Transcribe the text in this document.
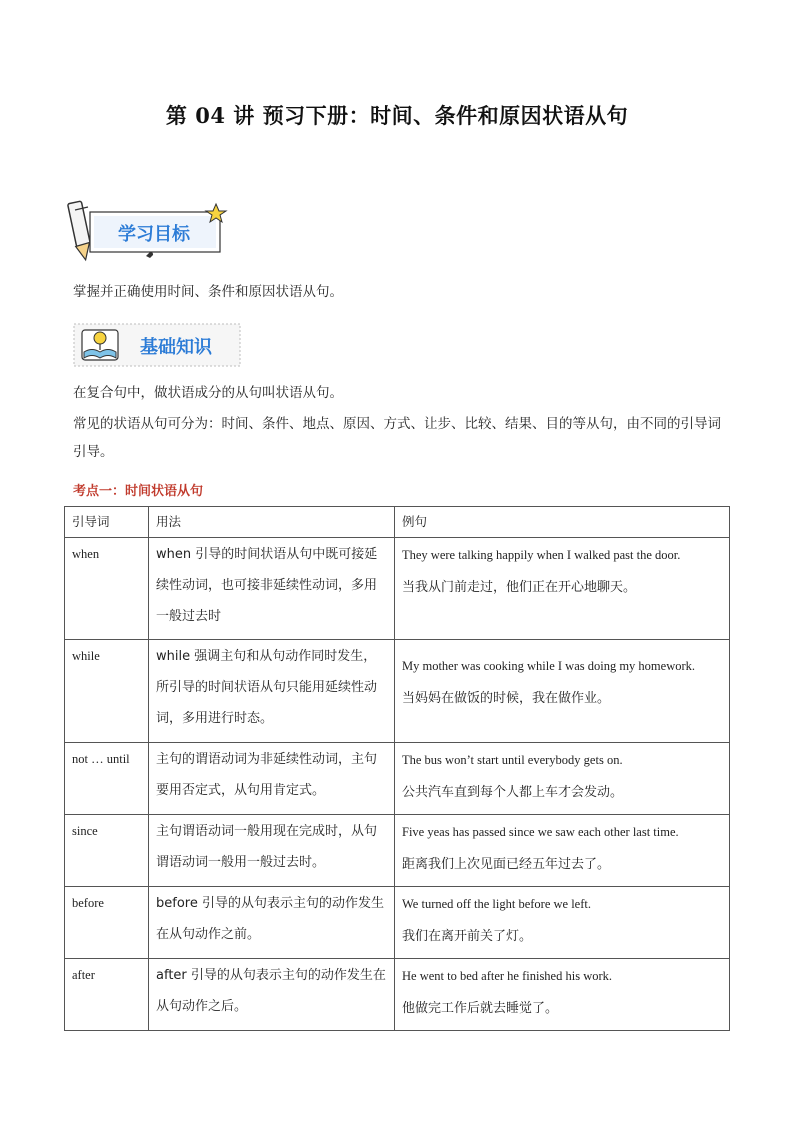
第 04 讲 预习下册：时间、条件和原因状语从句
学习目标
掌握并正确使用时间、条件和原因状语从句。
基础知识
在复合句中，做状语成分的从句叫状语从句。
常见的状语从句可分为：时间、条件、地点、原因、方式、让步、比较、结果、目的等从句，由不同的引导词引导。
考点一：时间状语从句
引导词	用法	例句
when	when 引导的时间状语从句中既可接延续性动词，也可接非延续性动词，多用一般过去时	They were talking happily when I walked past the door.
当我从门前走过，他们正在开心地聊天。
while	while 强调主句和从句动作同时发生，所引导的时间状语从句只能用延续性动词，多用进行时态。	My mother was cooking while I was doing my homework.
当妈妈在做饭的时候，我在做作业。
not … until	主句的谓语动词为非延续性动词，主句要用否定式，从句用肯定式。	The bus won’t start until everybody gets on.
公共汽车直到每个人都上车才会发动。
since	主句谓语动词一般用现在完成时，从句谓语动词一般用一般过去时。	Five yeas has passed since we saw each other last time.
距离我们上次见面已经五年过去了。
before	before 引导的从句表示主句的动作发生在从句动作之前。	We turned off the light before we left.
我们在离开前关了灯。
after	after 引导的从句表示主句的动作发生在从句动作之后。	He went to bed after he finished his work.
他做完工作后就去睡觉了。
